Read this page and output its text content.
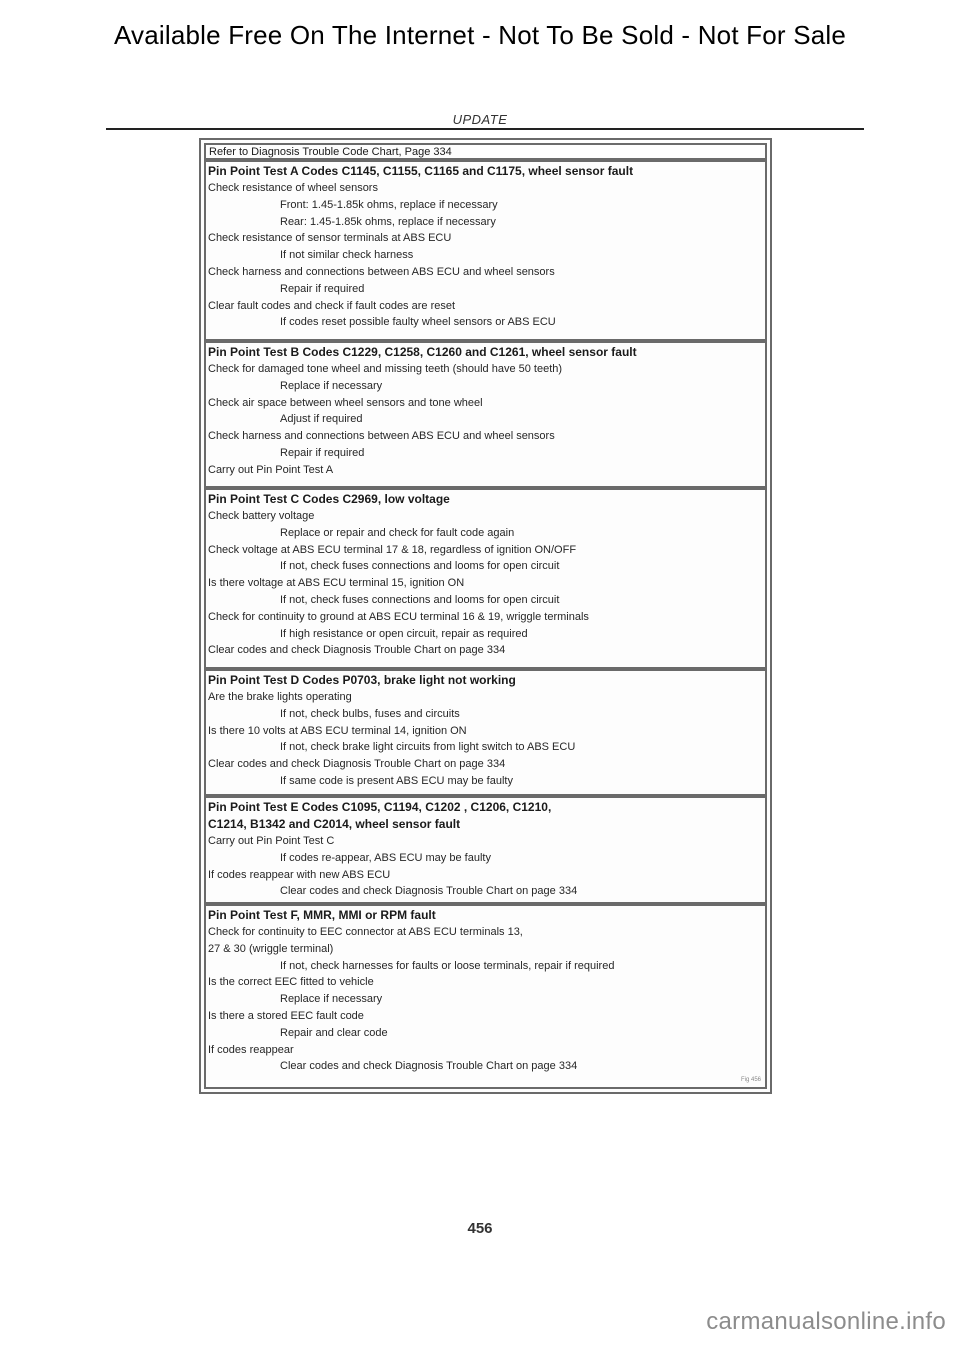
Available Free On The Internet - Not To Be Sold - Not For Sale
UPDATE
Refer to Diagnosis Trouble Code Chart, Page 334
Pin Point Test A Codes C1145, C1155, C1165 and C1175, wheel sensor fault
Check resistance of wheel sensors
Front: 1.45-1.85k ohms, replace if necessary
Rear: 1.45-1.85k ohms, replace if necessary
Check resistance of sensor terminals at ABS ECU
If not similar check harness
Check harness and connections between ABS ECU and wheel sensors
Repair if required
Clear fault codes and check if fault codes are reset
If codes reset possible faulty wheel sensors or ABS ECU
Pin Point Test B Codes C1229, C1258, C1260 and C1261, wheel sensor fault
Check for damaged tone wheel and missing teeth (should have 50 teeth)
Replace if necessary
Check air space between wheel sensors and tone wheel
Adjust if required
Check harness and connections between ABS ECU and wheel sensors
Repair if required
Carry out Pin Point Test A
Pin Point Test C Codes C2969, low voltage
Check battery voltage
Replace or repair and check for fault code again
Check voltage at ABS ECU terminal 17 & 18, regardless of ignition ON/OFF
If not, check fuses connections and looms for open circuit
Is there voltage at ABS ECU terminal 15, ignition ON
If not, check fuses connections and looms for open circuit
Check for continuity to ground at ABS ECU terminal 16 & 19, wriggle terminals
If high resistance or open circuit, repair as required
Clear codes and check Diagnosis Trouble Chart on page 334
Pin Point Test D Codes P0703, brake light not working
Are the brake lights operating
If not, check bulbs, fuses and circuits
Is there 10 volts at ABS ECU terminal 14, ignition ON
If not, check brake light circuits from light switch to ABS ECU
Clear codes and check Diagnosis Trouble Chart on page 334
If same code is present ABS ECU may be faulty
Pin Point Test E Codes C1095, C1194, C1202 , C1206, C1210,
C1214, B1342 and C2014, wheel sensor fault
Carry out Pin Point Test C
If codes re-appear, ABS ECU may be faulty
If codes reappear with new ABS ECU
Clear codes and check Diagnosis Trouble Chart on page 334
Pin Point Test F, MMR, MMI or RPM fault
Check for continuity to EEC connector at ABS ECU terminals 13,
27 & 30 (wriggle terminal)
If not, check harnesses for faults or loose terminals, repair if required
Is the correct EEC fitted to vehicle
Replace if necessary
Is there a stored EEC fault code
Repair and clear code
If codes reappear
Clear codes and check Diagnosis Trouble Chart on page 334
Fig 456
456
carmanualsonline.info
